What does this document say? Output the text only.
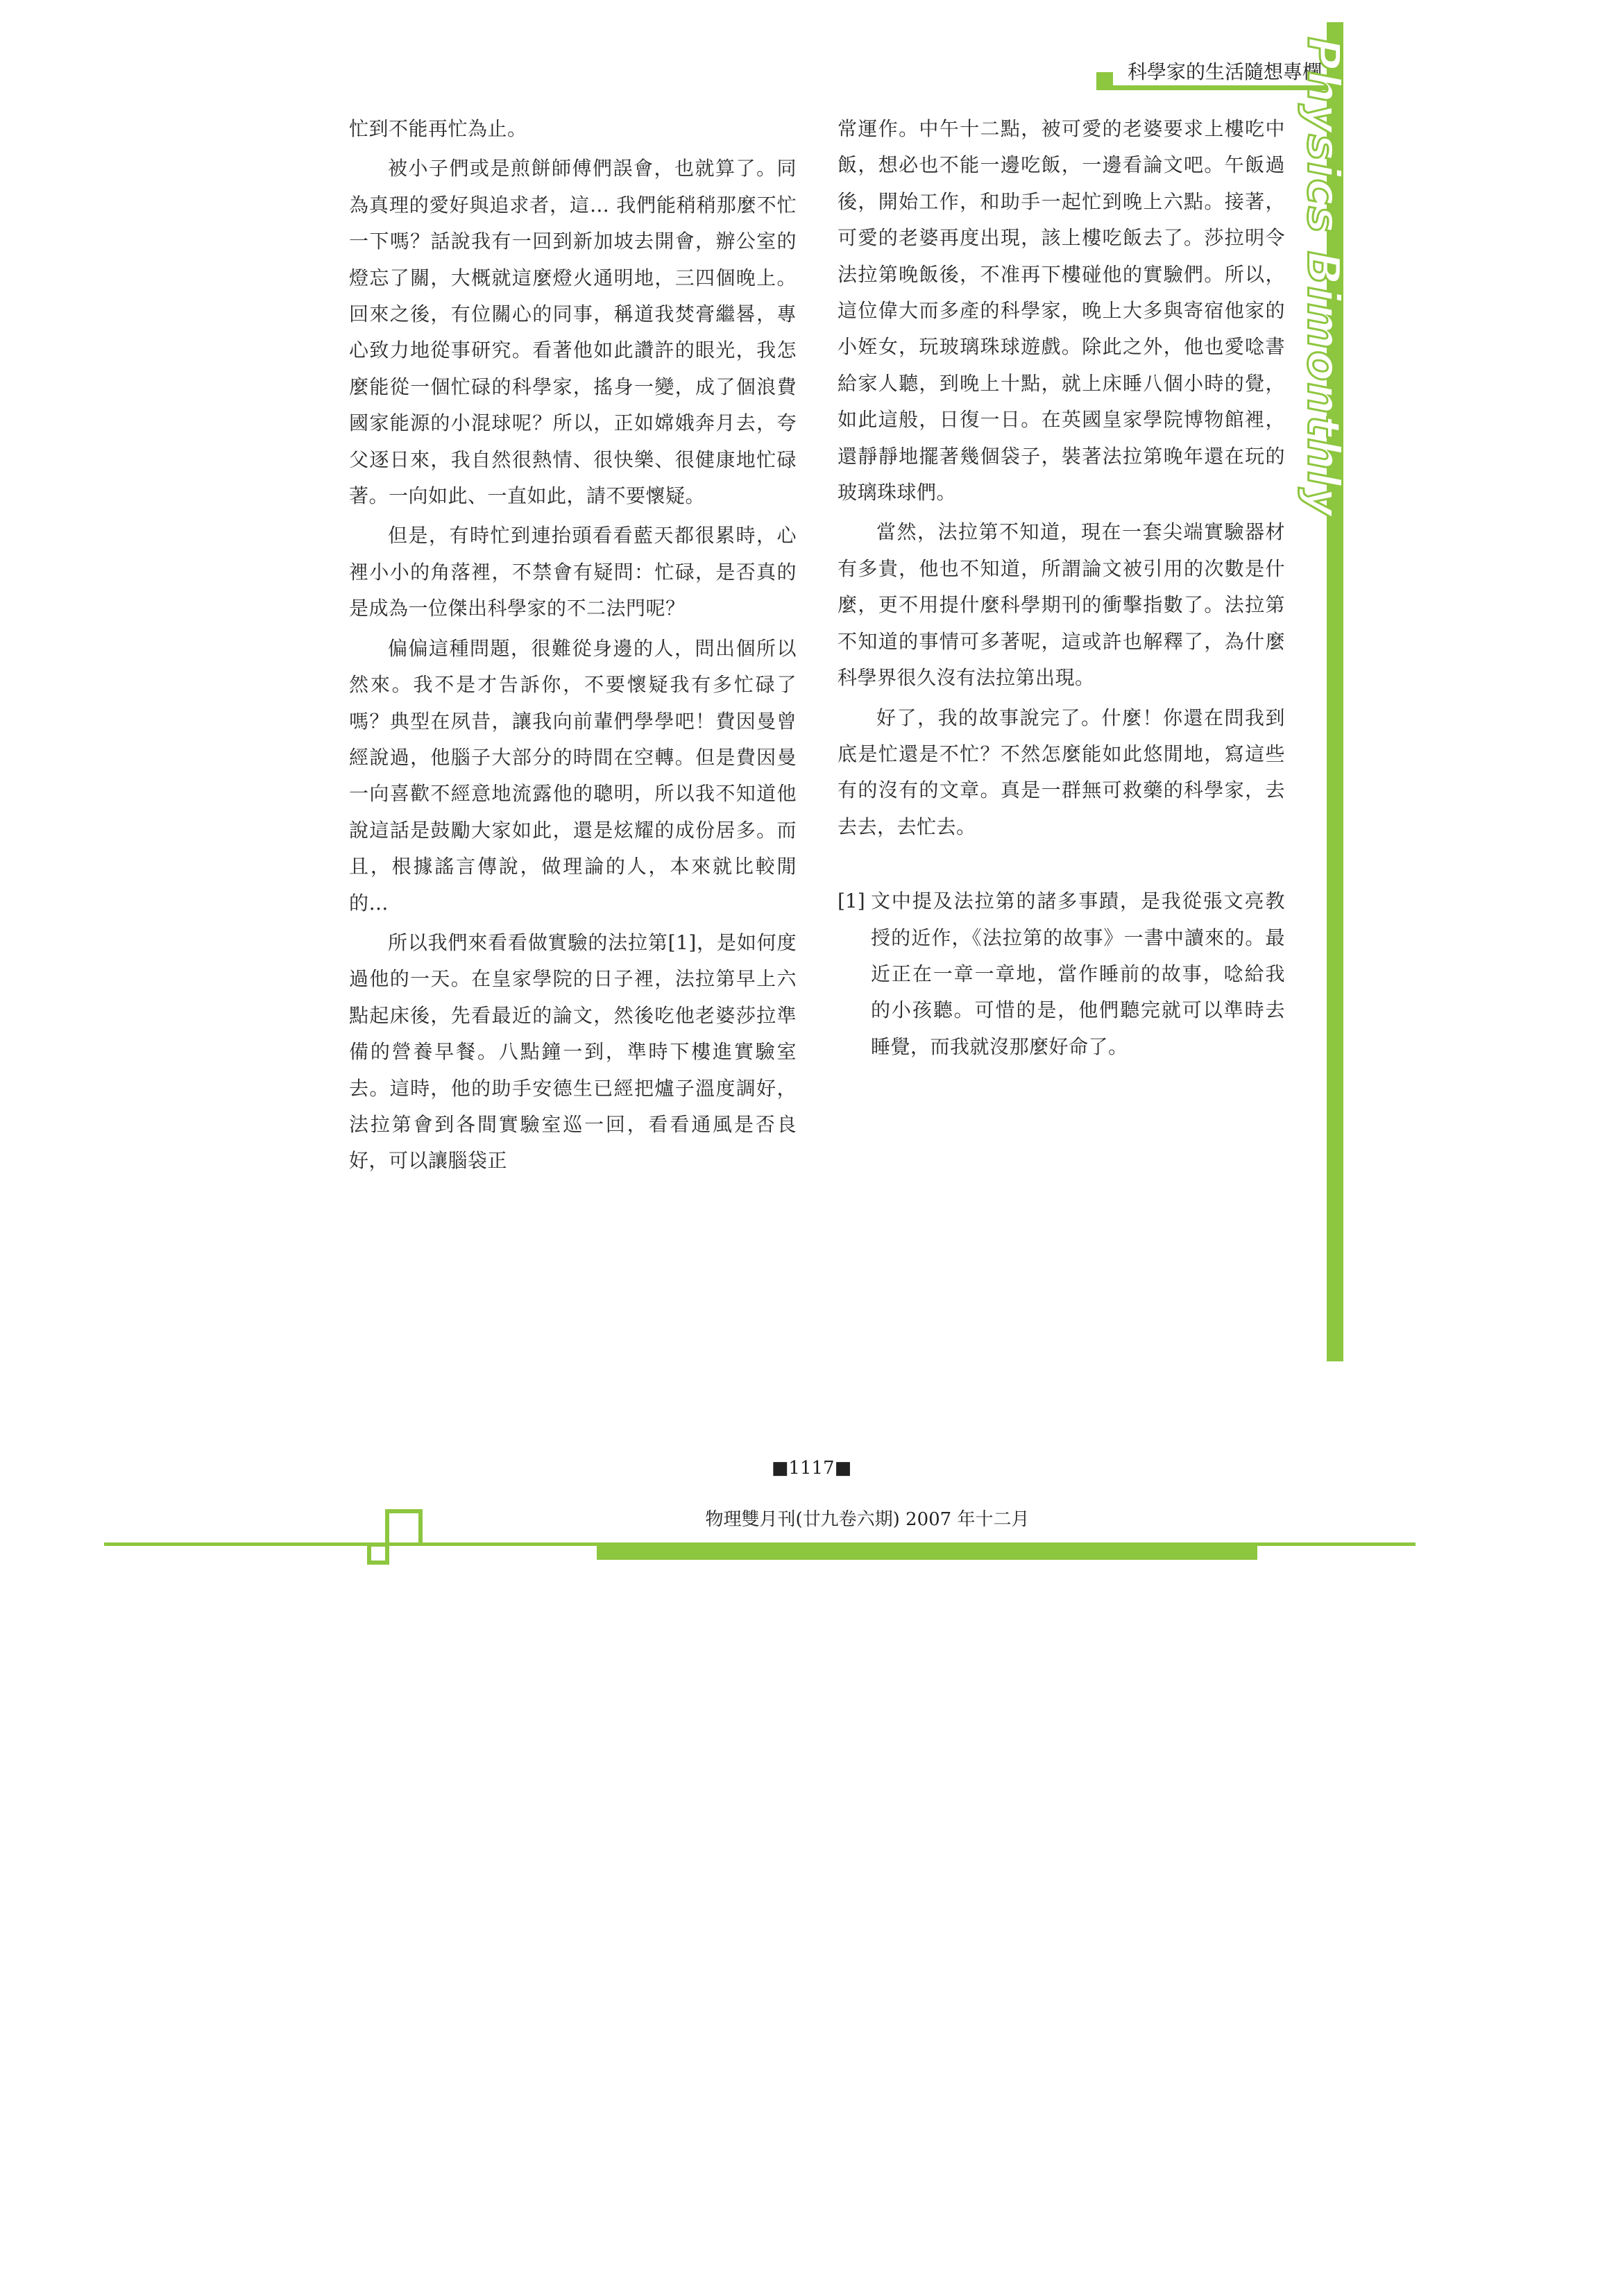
科學家的生活隨想專欄
Physics Bimonthly

忙到不能再忙為止。

被小子們或是煎餅師傅們誤會，也就算了。同為真理的愛好與追求者，這… 我們能稍稍那麼不忙一下嗎？話說我有一回到新加坡去開會，辦公室的燈忘了關，大概就這麼燈火通明地，三四個晚上。回來之後，有位關心的同事，稱道我焚膏繼晷，專心致力地從事研究。看著他如此讚許的眼光，我怎麼能從一個忙碌的科學家，搖身一變，成了個浪費國家能源的小混球呢？所以，正如嫦娥奔月去，夸父逐日來，我自然很熱情、很快樂、很健康地忙碌著。一向如此、一直如此，請不要懷疑。

但是，有時忙到連抬頭看看藍天都很累時，心裡小小的角落裡，不禁會有疑問：忙碌，是否真的是成為一位傑出科學家的不二法門呢？

偏偏這種問題，很難從身邊的人，問出個所以然來。我不是才告訴你，不要懷疑我有多忙碌了嗎？典型在夙昔，讓我向前輩們學學吧！費因曼曾經說過，他腦子大部分的時間在空轉。但是費因曼一向喜歡不經意地流露他的聰明，所以我不知道他說這話是鼓勵大家如此，還是炫耀的成份居多。而且，根據謠言傳說，做理論的人，本來就比較閒的…

所以我們來看看做實驗的法拉第[1]，是如何度過他的一天。在皇家學院的日子裡，法拉第早上六點起床後，先看最近的論文，然後吃他老婆莎拉準備的營養早餐。八點鐘一到，準時下樓進實驗室去。這時，他的助手安德生已經把爐子溫度調好，法拉第會到各間實驗室巡一回，看看通風是否良好，可以讓腦袋正

常運作。中午十二點，被可愛的老婆要求上樓吃中飯，想必也不能一邊吃飯，一邊看論文吧。午飯過後，開始工作，和助手一起忙到晚上六點。接著，可愛的老婆再度出現，該上樓吃飯去了。莎拉明令法拉第晚飯後，不准再下樓碰他的實驗們。所以，這位偉大而多產的科學家，晚上大多與寄宿他家的小姪女，玩玻璃珠球遊戲。除此之外，他也愛唸書給家人聽，到晚上十點，就上床睡八個小時的覺，如此這般，日復一日。在英國皇家學院博物館裡，還靜靜地擺著幾個袋子，裝著法拉第晚年還在玩的玻璃珠球們。

當然，法拉第不知道，現在一套尖端實驗器材有多貴，他也不知道，所謂論文被引用的次數是什麼，更不用提什麼科學期刊的衝擊指數了。法拉第不知道的事情可多著呢，這或許也解釋了，為什麼科學界很久沒有法拉第出現。

好了，我的故事說完了。什麼！你還在問我到底是忙還是不忙？不然怎麼能如此悠閒地，寫這些有的沒有的文章。真是一群無可救藥的科學家，去去去，去忙去。

[1] 文中提及法拉第的諸多事蹟，是我從張文亮教授的近作，《法拉第的故事》一書中讀來的。最近正在一章一章地，當作睡前的故事，唸給我的小孩聽。可惜的是，他們聽完就可以準時去睡覺，而我就沒那麼好命了。
■1117■
物理雙月刊(廿九卷六期) 2007 年十二月
